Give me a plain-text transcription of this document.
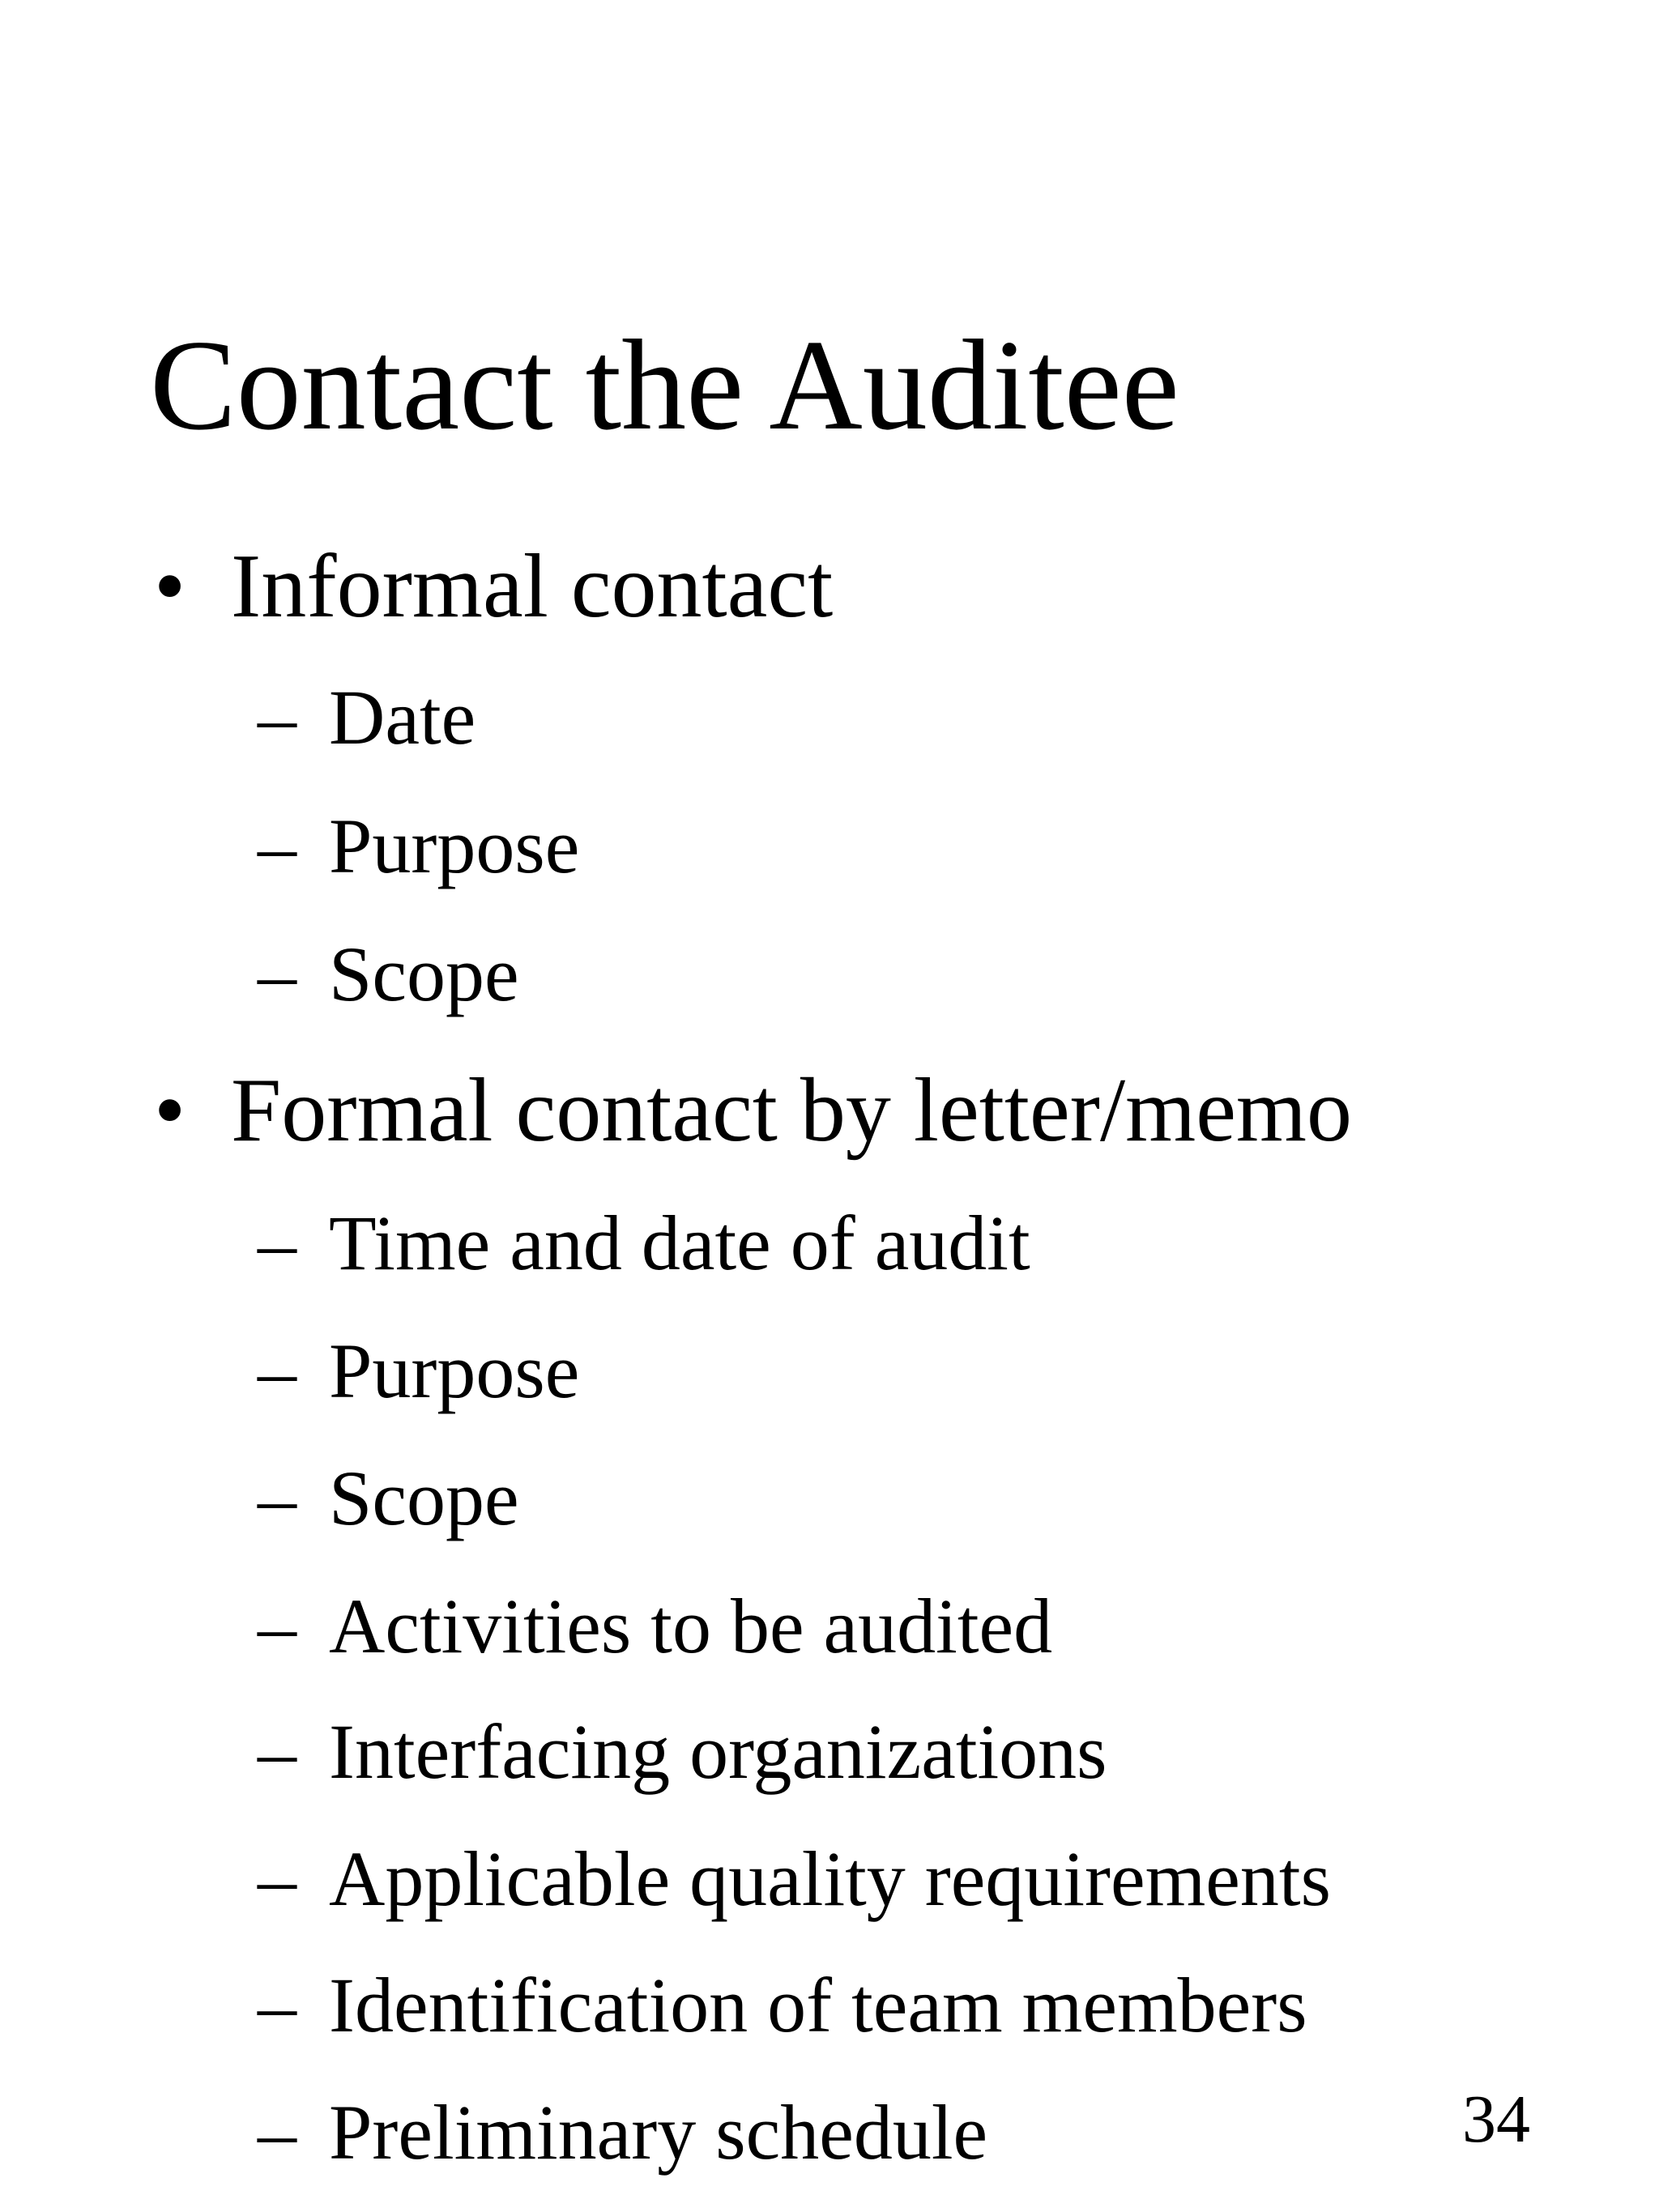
Contact the Auditee
• Informal contact
– Date
– Purpose
– Scope
• Formal contact by letter/memo
– Time and date of audit
– Purpose
– Scope
– Activities to be audited
– Interfacing organizations
– Applicable quality requirements
– Identification of team members
– Preliminary schedule	34
